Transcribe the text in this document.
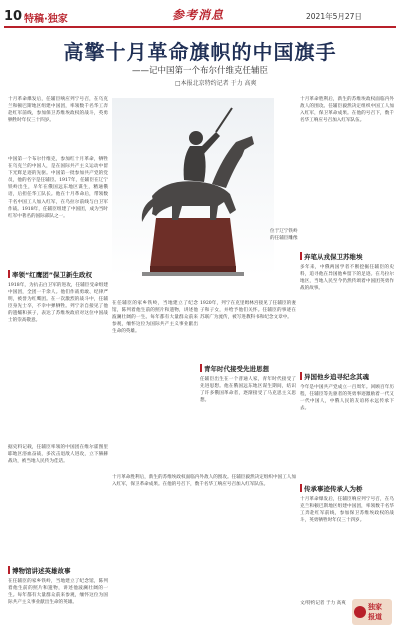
10 特稿·独家	参考消息	2021年5月27日
高擎十月革命旗帜的中国旗手
——记中国第一个布尔什维克任辅臣
□本报北京特约记者 于力 高爽
十月革命爆发后，任辅臣响应列宁号召，在乌克兰和顿巴斯地区组建中国团，率领数千名华工奔赴红军前线，参加保卫苏维埃政权的战斗，英勇牺牲时年仅三十四岁。
中国第一个布尔什维克，参加红十月革命，牺牲在乌克兰的中国人，是在国际共产主义运动中留下光辉足迹的先驱。中国第一批参加共产党的党员，他的名字是任辅臣。1917年，任辅臣在辽宁铁岭出生，早年在俄国远东地区谋生，精通俄语，后担任华工队长。他在十月革命后，带领数千名中国工人加入红军，在乌拉尔前线与白卫军作战。1918年，任辅臣组建了中国团，成为当时红军中著名的国际部队之一。
率领“红鹰团”保卫新生政权
1918年，为抗击白卫军的进攻，任辅臣受命组建中国团，全团一千余人。他们作战勇敢、纪律严明，被誉为红鹰团。在一次激烈的战斗中，任辅臣身先士卒，不幸中弹牺牲。列宁亲自接见了他的遗孀和孩子，表达了苏维埃政府对这位中国战士的崇高敬意。
据史料记载，任辅臣率领的中国团在维尔霍图里耶地区浴血奋战，多次击退敌人进攻，立下赫赫战功，被当地人民传为佳话。
在任辅臣的家乡铁岭，当地建立了纪念馆，陈列着他生前的照片和遗物，讲述他波澜壮阔的一生。每年都有大量群众前来参观，缅怀这位为国际共产主义事业献出生命的英雄。
博物馆讲述英雄故事
在任辅臣的家乡铁岭，当地建立了纪念馆，陈列着他生前的照片和遗物，讲述他波澜壮阔的一生。每年都有大量群众前来参观，缅怀这位为国际共产主义事业献出生命的英雄。
位于辽宁铁岭的任辅臣雕像
1920年，列宁在克里姆林宫接见了任辅臣的妻子和子女，并给予他们关怀。任辅臣的事迹在苏联广为流传，被写进教科书和纪念文章中。
青年时代接受先进思想
任辅臣出生在一个普通人家，青年时代接受了先进思想。他在俄国远东地区谋生期间，结识了许多俄国革命者，逐渐接受了马克思主义思想。
十月革命胜利后，新生的苏维埃政权面临内外敌人的围攻。任辅臣毅然决定组织中国工人加入红军，保卫革命成果。在他的号召下，数千名华工响应号召加入红军队伍。
十月革命胜利后，新生的苏维埃政权面临内外敌人的围攻。任辅臣毅然决定组织中国工人加入红军，保卫革命成果。在他的号召下，数千名华工响应号召加入红军队伍。
弃笔从戎保卫苏维埃
多年来，中俄两国学者不断挖掘任辅臣的史料，追寻他在异国他乡留下的足迹。在乌拉尔地区，当地人民至今仍然传颂着中国团英勇作战的故事。
异国他乡追寻纪念其魂
今年是中国共产党成立一百周年。回顾百年历程，任辅臣等先驱者的英勇事迹激励着一代又一代中国人，中俄人民的友谊将永远传承下去。
传承事迹传承人为桥
十月革命爆发后，任辅臣响应列宁号召，在乌克兰和顿巴斯地区组建中国团，率领数千名华工奔赴红军前线，参加保卫苏维埃政权的战斗，英勇牺牲时年仅三十四岁。
文/特约记者 于力 高爽	独家
报道
